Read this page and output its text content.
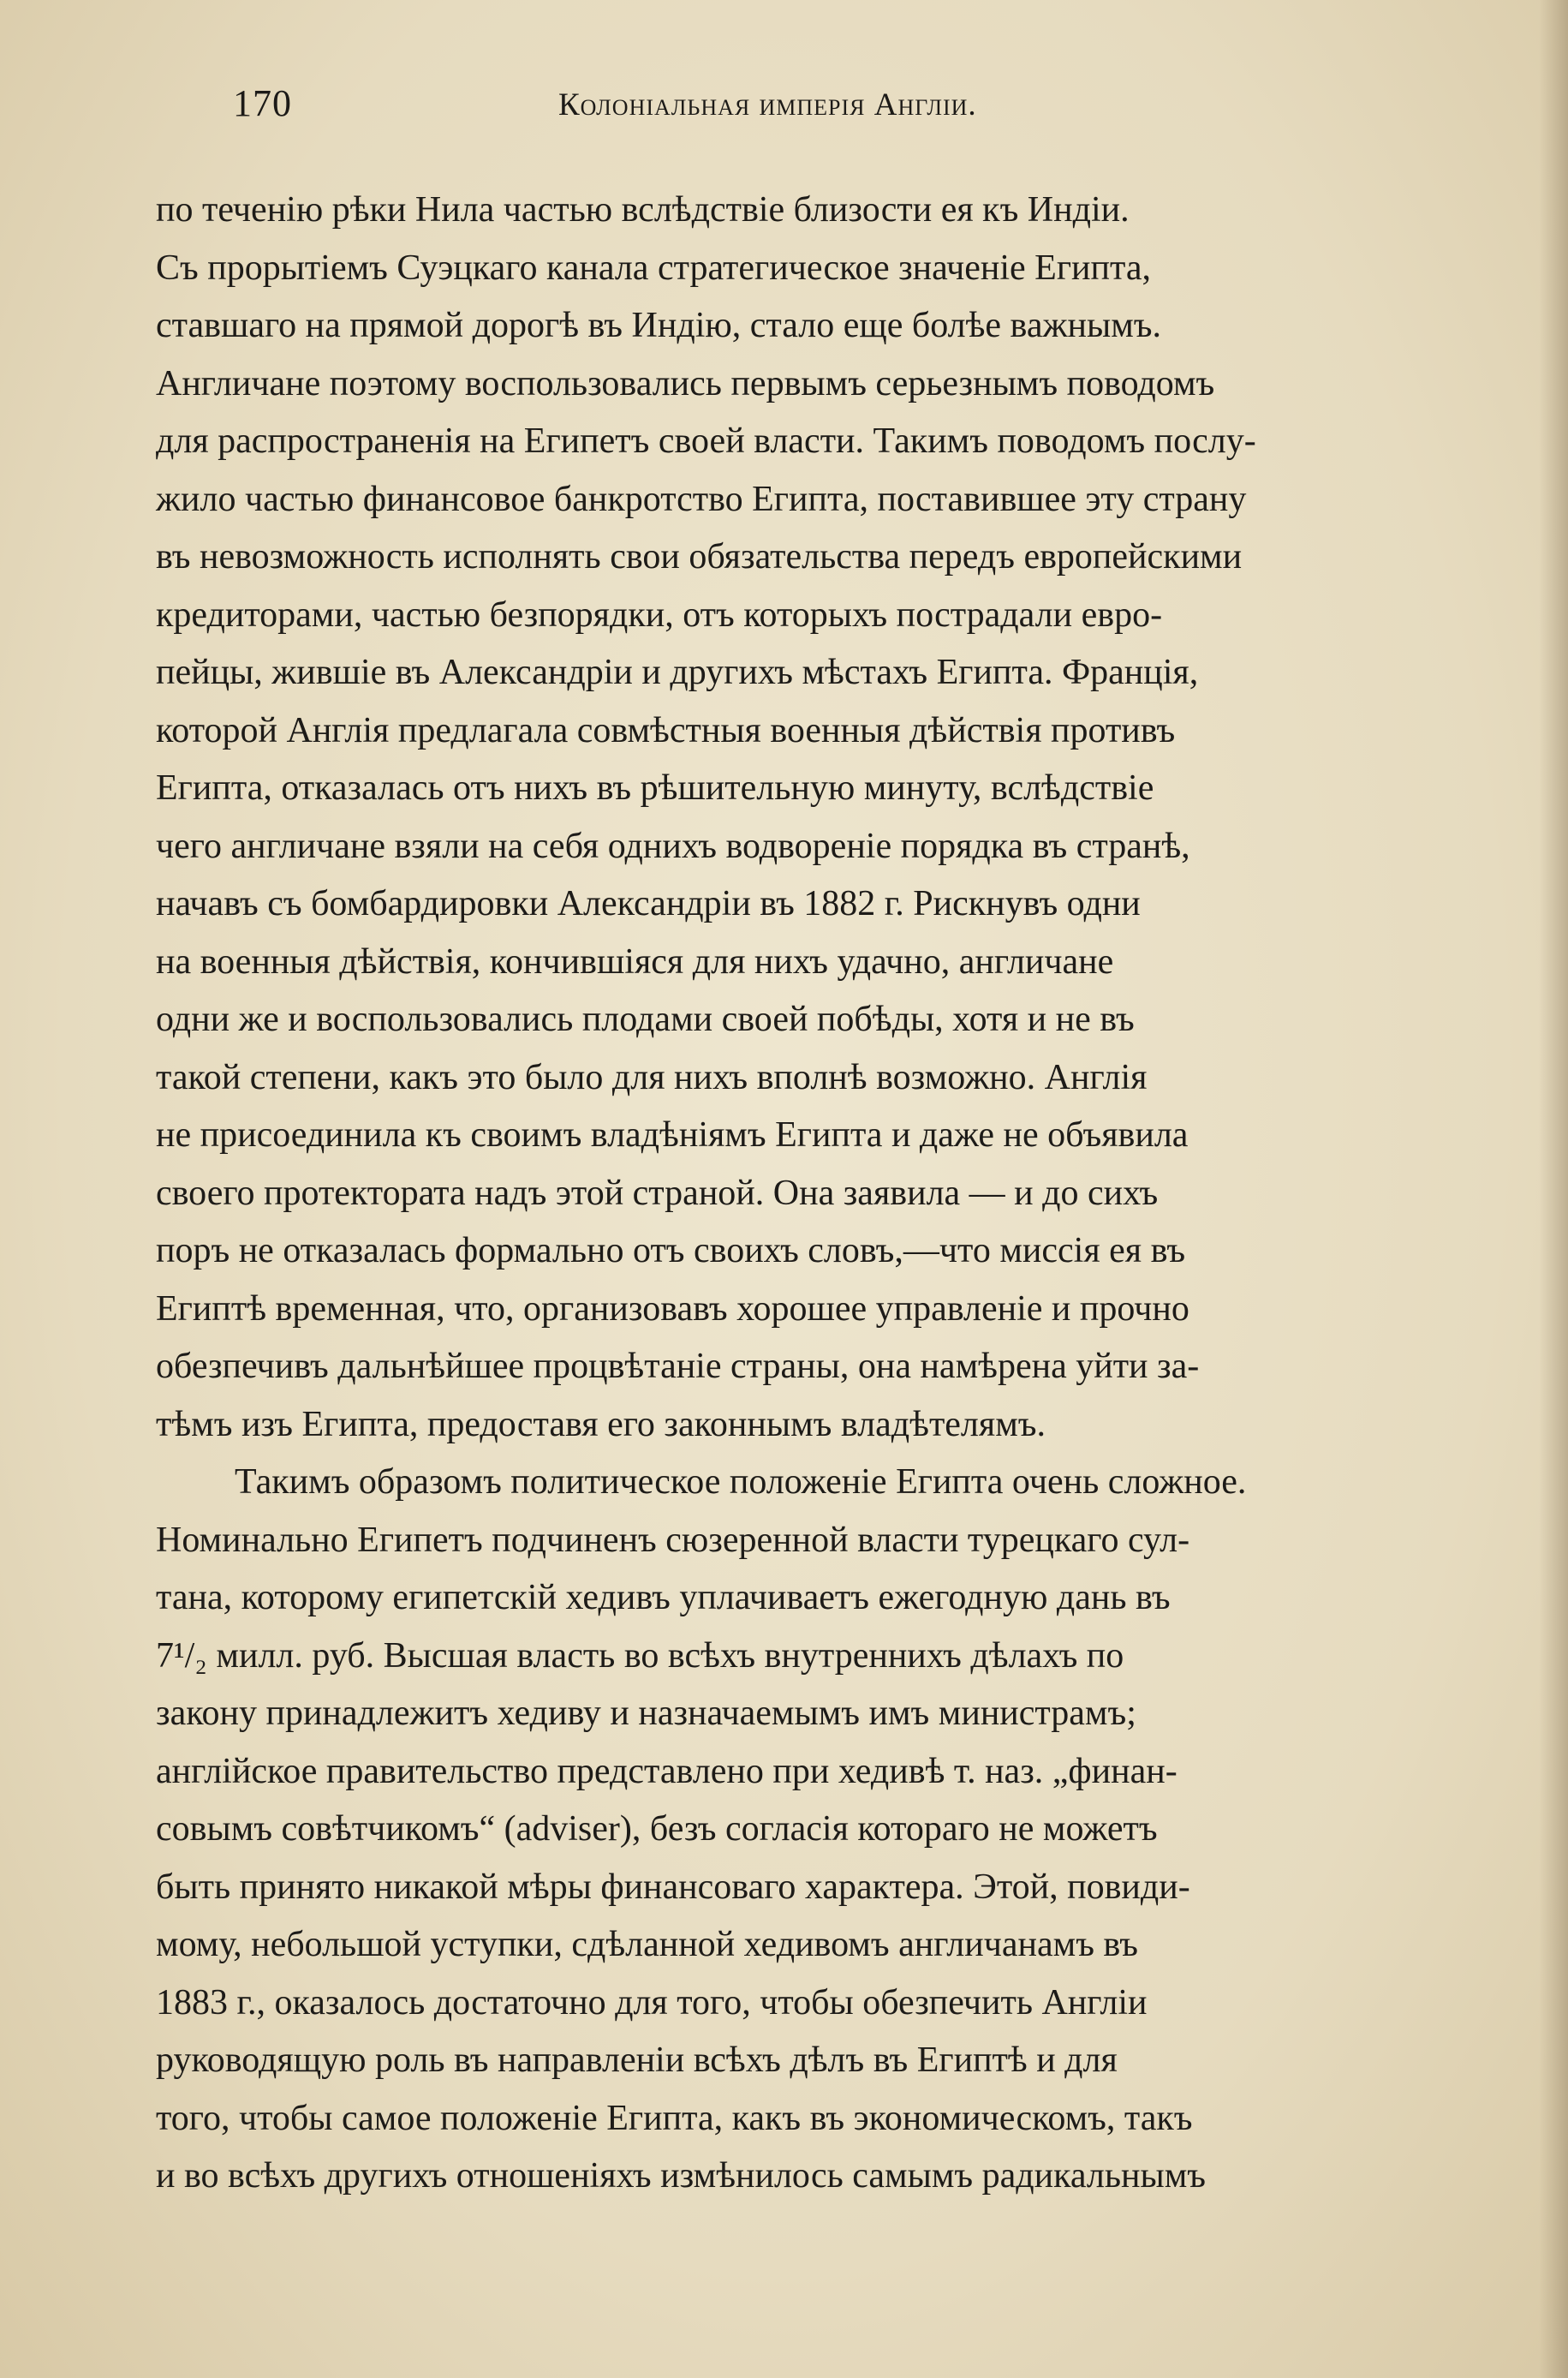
170	Колоніальная имперія Англіи.
по теченію рѣки Нила частью вслѣдствіе близости ея къ Индіи.
Съ прорытіемъ Суэцкаго канала стратегическое значеніе Египта,
ставшаго на прямой дорогѣ въ Индію, стало еще болѣе важнымъ.
Англичане поэтому воспользовались первымъ серьезнымъ поводомъ
для распространенія на Египетъ своей власти. Такимъ поводомъ послу-
жило частью финансовое банкротство Египта, поставившее эту страну
въ невозможность исполнять свои обязательства передъ европейскими
кредиторами, частью безпорядки, отъ которыхъ пострадали евро-
пейцы, жившіе въ Александріи и другихъ мѣстахъ Египта. Франція,
которой Англія предлагала совмѣстныя военныя дѣйствія противъ
Египта, отказалась отъ нихъ въ рѣшительную минуту, вслѣдствіе
чего англичане взяли на себя однихъ водвореніе порядка въ странѣ,
начавъ съ бомбардировки Александріи въ 1882 г. Рискнувъ одни
на военныя дѣйствія, кончившіяся для нихъ удачно, англичане
одни же и воспользовались плодами своей побѣды, хотя и не въ
такой степени, какъ это было для нихъ вполнѣ возможно. Англія
не присоединила къ своимъ владѣніямъ Египта и даже не объявила
своего протектората надъ этой страной. Она заявила — и до сихъ
поръ не отказалась формально отъ своихъ словъ,—что миссія ея въ
Египтѣ временная, что, организовавъ хорошее управленіе и прочно
обезпечивъ дальнѣйшее процвѣтаніе страны, она намѣрена уйти за-
тѣмъ изъ Египта, предоставя его законнымъ владѣтелямъ.
Такимъ образомъ политическое положеніе Египта очень сложное.
Номинально Египетъ подчиненъ сюзеренной власти турецкаго сул-
тана, которому египетскій хедивъ уплачиваетъ ежегодную дань въ
7¹/₂ милл. руб. Высшая власть во всѣхъ внутреннихъ дѣлахъ по
закону принадлежитъ хедиву и назначаемымъ имъ министрамъ;
англійское правительство представлено при хедивѣ т. наз. „финан-
совымъ совѣтчикомъ“ (adviser), безъ согласія котораго не можетъ
быть принято никакой мѣры финансоваго характера. Этой, повиди-
мому, небольшой уступки, сдѣланной хедивомъ англичанамъ въ
1883 г., оказалось достаточно для того, чтобы обезпечить Англіи
руководящую роль въ направленіи всѣхъ дѣлъ въ Египтѣ и для
того, чтобы самое положеніе Египта, какъ въ экономическомъ, такъ
и во всѣхъ другихъ отношеніяхъ измѣнилось самымъ радикальнымъ
